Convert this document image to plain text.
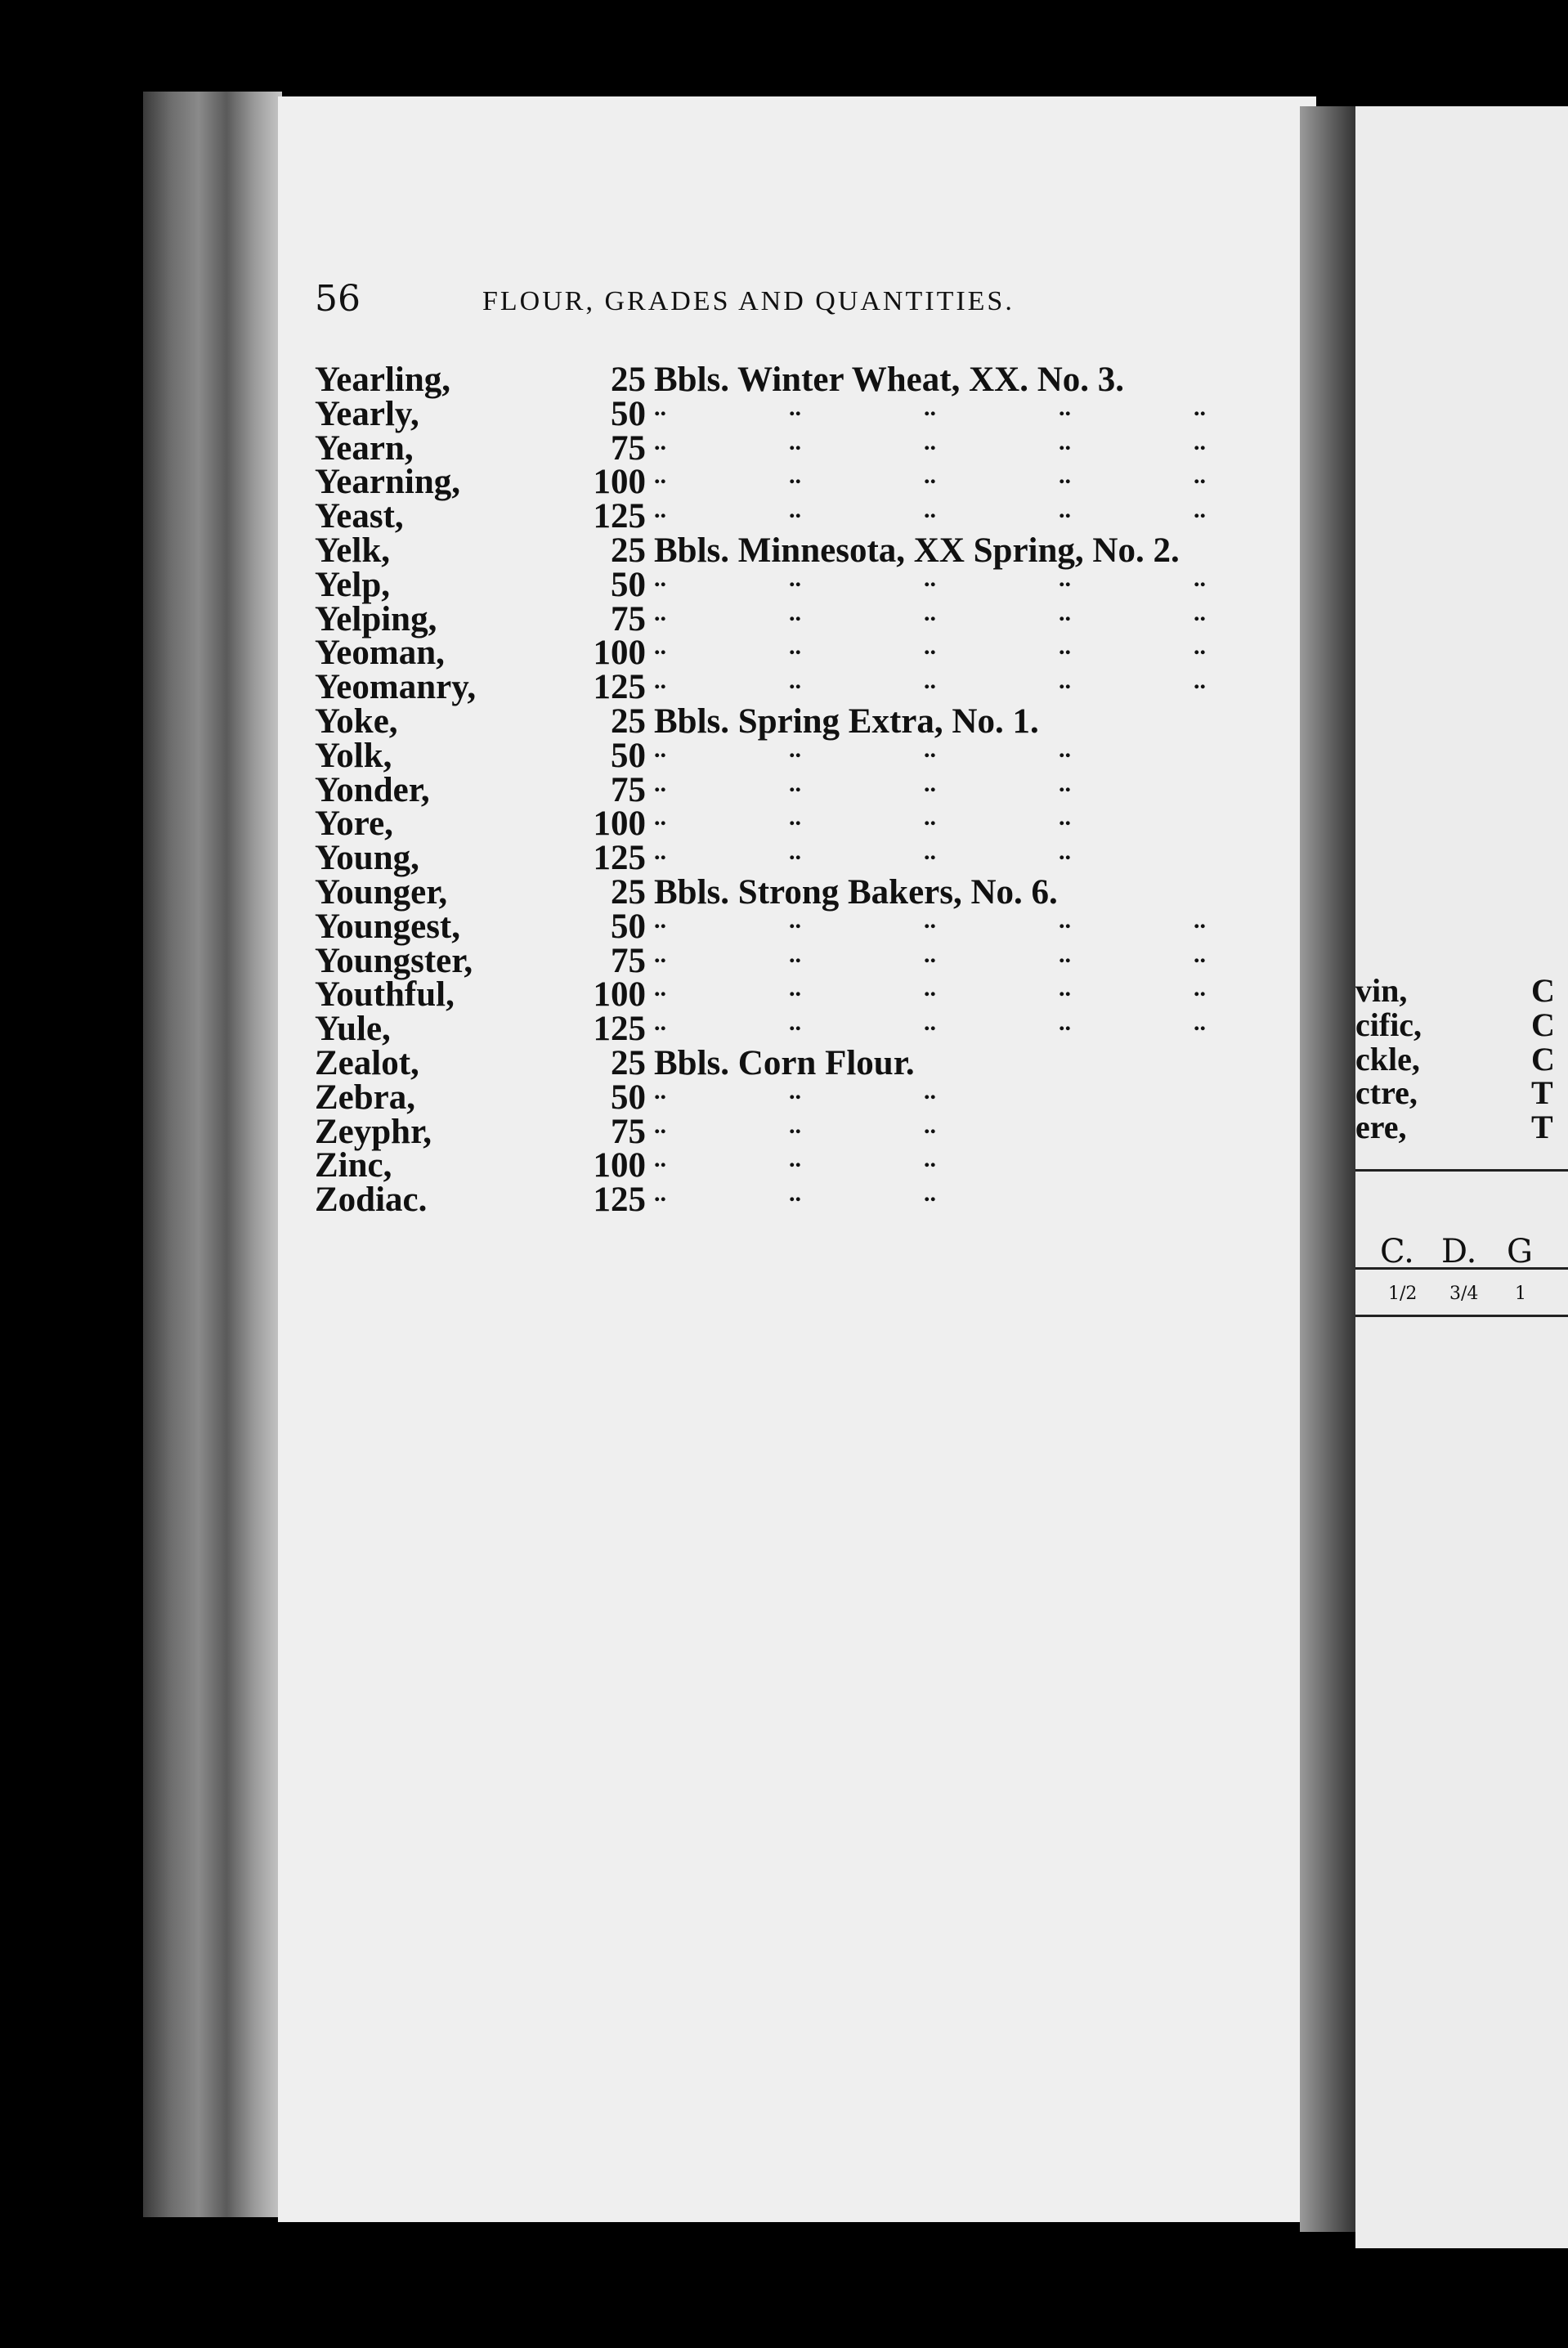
56	FLOUR, GRADES AND QUANTITIES.
Yearling,	25 Bbls. Winter Wheat, XX. No. 3.
Yearly,	50 ..	..	..	..	..
Yearn,	75 ..	..	..	..	..
Yearning,	100 ..	..	..	..	..
Yeast,	125 ..	..	..	..	..
Yelk,	25 Bbls. Minnesota, XX Spring, No. 2.
Yelp,	50 ..	..	..	..	..
Yelping,	75 ..	..	..	..	..
Yeoman,	100 ..	..	..	..	..
Yeomanry,	125 ..	..	..	..	..
Yoke,	25 Bbls. Spring Extra, No. 1.
Yolk,	50 ..	..	..	..
Yonder,	75 ..	..	..	..
Yore,	100 ..	..	..	..
Young,	125 ..	..	..	..
Younger,	25 Bbls. Strong Bakers, No. 6.
Youngest,	50 ..	..	..	..	..
Youngster,	75 ..	..	..	..	..
Youthful,	100 ..	..	..	..	..
Yule,	125 ..	..	..	..	..
Zealot,	25 Bbls. Corn Flour.
Zebra,	50 ..	..	..
Zeyphr,	75 ..	..	..
Zinc,	100 ..	..	..
Zodiac.	125 ..	..	..
vin,	C
cific,	C
ckle,	C
ctre,	T
ere,	T
C. D. G
1/2 3/4 1
